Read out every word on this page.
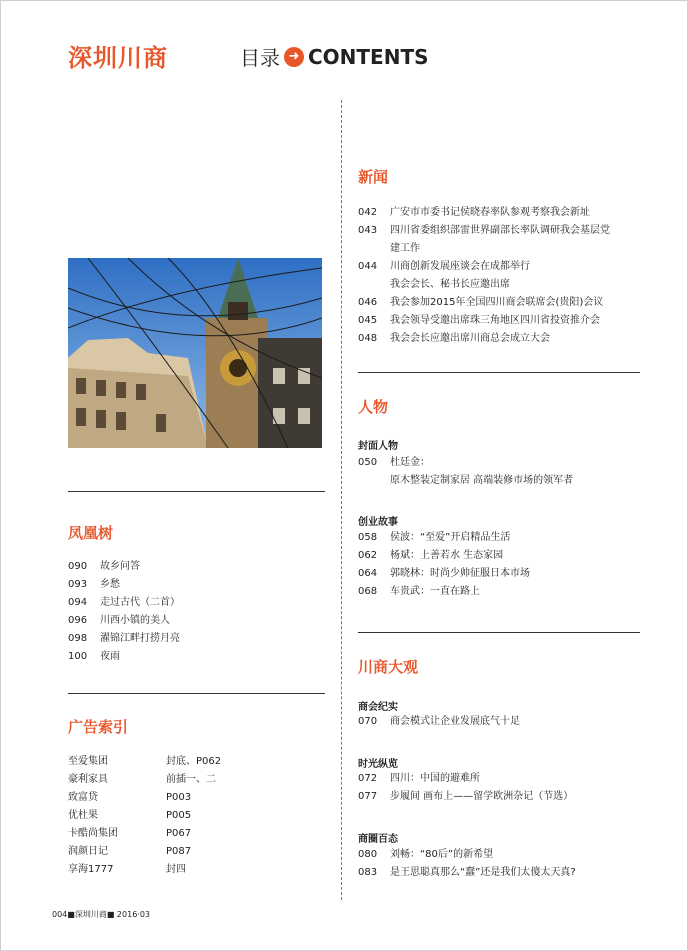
深圳川商	目录 ➜ CONTENTS
新闻
042 广安市市委书记侯晓春率队参观考察我会新址
043 四川省委组织部雷世界副部长率队调研我会基层党
建工作
044 川商创新发展座谈会在成都举行
我会会长、秘书长应邀出席
046 我会参加2015年全国四川商会联席会(贵阳)会议
045 我会领导受邀出席珠三角地区四川省投资推介会
048 我会会长应邀出席川商总会成立大会
人物
封面人物
050 杜廷金：
原木整装定制家居 高端装修市场的领军者
创业故事
058 侯波：“至爱”开启精品生活
062 杨斌：上善若水 生态家园
064 郭晓林：时尚少帅征服日本市场
068 车贵武：一直在路上
川商大观
商会纪实
070 商会模式让企业发展底气十足
时光纵览
072 四川：中国的避难所
077 步履间 画布上——留学欧洲杂记（节选）
商圈百态
080 刘畅：“80后”的新希望
083 是王思聪真那么“蠢”还是我们太傻太天真?
凤凰树
090 故乡问答
093 乡愁
094 走过古代（二首）
096 川西小镇的美人
098 濯锦江畔打捞月亮
100 夜雨
广告索引
至爱集团	封底、P062
豪利家具	前插一、二
致富贷	P003
优杜果	P005
卡酷尚集团	P067
润颜日记	P087
享海1777	封四
004■深圳川商■ 2016·03
